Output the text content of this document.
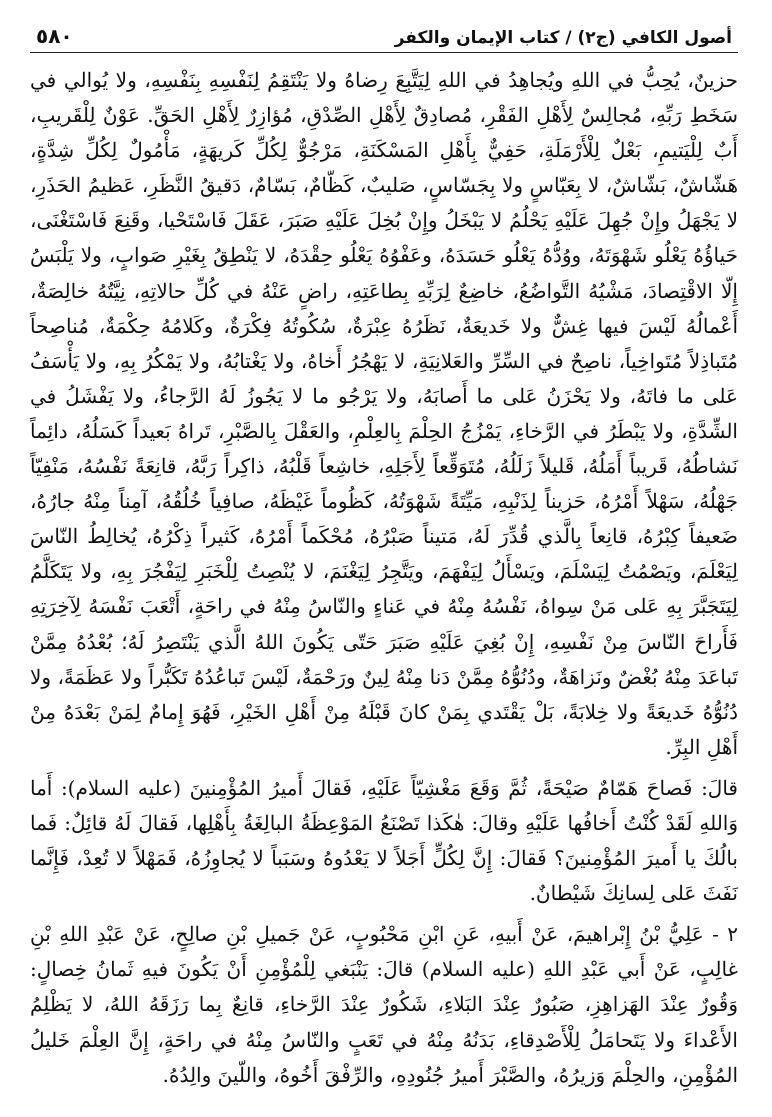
أصول الكافي (ج٢) / كتاب الإيمان والكفر
٥٨٠

حزينٌ، يُحِبُّ في اللهِ ويُجاهِدُ في اللهِ لِيَتَّبِعَ رِضاهُ ولا يَنْتَقِمُ لِنَفْسِهِ بِنَفْسِهِ، ولا يُوالي في سَخَطِ رَبِّهِ، مُجالِسٌ لِأَهْلِ الفَقْرِ، مُصادِقٌ لِأَهْلِ الصِّدْقِ، مُؤازِرٌ لِأَهْلِ الحَقِّ. عَوْنٌ لِلْقَريبِ، أَبٌ لِلْيَتيمِ، بَعْلٌ لِلْأَرْمَلَةِ، حَفِيٌّ بِأَهْلِ المَسْكَنَةِ، مَرْجُوٌّ لِكُلِّ كَريهَةٍ، مَأْمُولٌ لِكُلِّ شِدَّةٍ، هَشّاشٌ، بَشّاشٌ، لا بِعَبّاسٍ ولا بِجَسّاسٍ، صَليبٌ، كَظّامٌ، بَسّامٌ، دَقيقُ النَّظَرِ، عَظيمُ الحَذَرِ، لا يَجْهَلُ وإِنْ جُهِلَ عَلَيْهِ يَحْلُمُ لا يَبْخَلُ وإِنْ بُخِلَ عَلَيْهِ صَبَرَ، عَقَلَ فَاسْتَحْيا، وقَنِعَ فَاسْتَغْنَى، حَياؤُهُ يَعْلُو شَهْوَتَهُ، ووُدُّهُ يَعْلُو حَسَدَهُ، وعَفْوُهُ يَعْلُو حِقْدَهُ، لا يَنْطِقُ بِغَيْرِ صَوابٍ، ولا يَلْبَسُ إِلّا الاقْتِصادَ، مَشْيُهُ التَّواضُعُ، خاضِعٌ لِرَبِّهِ بِطاعَتِهِ، راضٍ عَنْهُ في كُلِّ حالاتِهِ، نِيَّتُهُ خالِصَةٌ، أَعْمالُهُ لَيْسَ فيها غِشٌّ ولا خَديعَةٌ، نَظَرُهُ عِبْرَةٌ، سُكُوتُهُ فِكْرَةٌ، وكَلامُهُ حِكْمَةٌ، مُناصِحاً مُتَباذِلاً مُتَواخِياً، ناصِحٌ في السِّرِّ والعَلانِيَةِ، لا يَهْجُرُ أَخاهُ، ولا يَغْتابُهُ، ولا يَمْكُرُ بِهِ، ولا يَأْسَفُ عَلى ما فاتَهُ، ولا يَحْزَنُ عَلى ما أَصابَهُ، ولا يَرْجُو ما لا يَجُوزُ لَهُ الرَّجاءُ، ولا يَفْشَلُ في الشِّدَّةِ، ولا يَبْطَرُ في الرَّخاءِ، يَمْزُجُ الحِلْمَ بِالعِلْمِ، والعَقْلَ بِالصَّبْرِ، تَراهُ بَعيداً كَسَلُهُ، دائِماً نَشاطُهُ، قَريباً أَمَلُهُ، قَليلاً زَلَلُهُ، مُتَوَقِّعاً لِأَجَلِهِ، خاشِعاً قَلْبُهُ، ذاكِراً رَبَّهُ، قانِعَةً نَفْسُهُ، مَنْفِيّاً جَهْلُهُ، سَهْلاً أَمْرُهُ، حَزيناً لِذَنْبِهِ، مَيِّتَةً شَهْوَتُهُ، كَظُوماً غَيْظَهُ، صافِياً خُلُقُهُ، آمِناً مِنْهُ جارُهُ، ضَعيفاً كِبْرُهُ، قانِعاً بِالَّذي قُدِّرَ لَهُ، مَتيناً صَبْرُهُ، مُحْكَماً أَمْرُهُ، كَثيراً ذِكْرُهُ، يُخالِطُ النّاسَ لِيَعْلَمَ، ويَصْمُتُ لِيَسْلَمَ، ويَسْأَلُ لِيَفْهَمَ، ويَتَّجِرُ لِيَغْنَمَ، لا يُنْصِتُ لِلْخَبَرِ لِيَفْجُرَ بِهِ، ولا يَتَكَلَّمُ لِيَتَجَبَّرَ بِهِ عَلى مَنْ سِواهُ، نَفْسُهُ مِنْهُ في عَناءٍ والنّاسُ مِنْهُ في راحَةٍ، أَتْعَبَ نَفْسَهُ لِآخِرَتِهِ فَأَراحَ النّاسَ مِنْ نَفْسِهِ، إِنْ بُغِيَ عَلَيْهِ صَبَرَ حَتّى يَكُونَ اللهُ الَّذي يَنْتَصِرُ لَهُ؛ بُعْدُهُ مِمَّنْ تَباعَدَ مِنْهُ بُغْضٌ ونَزاهَةٌ، ودُنُوُّهُ مِمَّنْ دَنا مِنْهُ لِينٌ ورَحْمَةٌ، لَيْسَ تَباعُدُهُ تَكَبُّراً ولا عَظَمَةً، ولا دُنُوُّهُ خَديعَةً ولا خِلابَةً، بَلْ يَقْتَدي بِمَنْ كانَ قَبْلَهُ مِنْ أَهْلِ الخَيْرِ، فَهُوَ إِمامٌ لِمَنْ بَعْدَهُ مِنْ أَهْلِ البِرِّ.

قالَ: فَصاحَ هَمّامٌ صَيْحَةً، ثُمَّ وَقَعَ مَغْشِيّاً عَلَيْهِ، فَقالَ أَميرُ المُؤْمِنينَ (عليه السلام): أَما وَاللهِ لَقَدْ كُنْتُ أَخافُها عَلَيْهِ وقالَ: هٰكَذا تَصْنَعُ المَوْعِظَةُ البالِغَةُ بِأَهْلِها، فَقالَ لَهُ قائِلٌ: فَما بالُكَ يا أَميرَ المُؤْمِنينَ؟ فَقالَ: إِنَّ لِكُلٍّ أَجَلاً لا يَعْدُوهُ وسَبَباً لا يُجاوِزُهُ، فَمَهْلاً لا تُعِدْ، فَإِنَّما نَفَثَ عَلى لِسانِكَ شَيْطانٌ.

٢ - عَلِيُّ بْنُ إِبْراهيمَ، عَنْ أَبيهِ، عَنِ ابْنِ مَحْبُوبٍ، عَنْ جَميلِ بْنِ صالِحٍ، عَنْ عَبْدِ اللهِ بْنِ غالِبٍ، عَنْ أَبي عَبْدِ اللهِ (عليه السلام) قالَ: يَنْبَغي لِلْمُؤْمِنِ أَنْ يَكُونَ فيهِ ثَمانُ خِصالٍ: وَقُورٌ عِنْدَ الهَزاهِزِ، صَبُورٌ عِنْدَ البَلاءِ، شَكُورٌ عِنْدَ الرَّخاءِ، قانِعٌ بِما رَزَقَهُ اللهُ، لا يَظْلِمُ الأَعْداءَ ولا يَتَحامَلُ لِلْأَصْدِقاءِ، بَدَنُهُ مِنْهُ في تَعَبٍ والنّاسُ مِنْهُ في راحَةٍ، إِنَّ العِلْمَ خَليلُ المُؤْمِنِ، والحِلْمَ وَزيرُهُ، والصَّبْرَ أَميرُ جُنُودِهِ، والرِّفْقَ أَخُوهُ، واللّينَ والِدُهُ.
